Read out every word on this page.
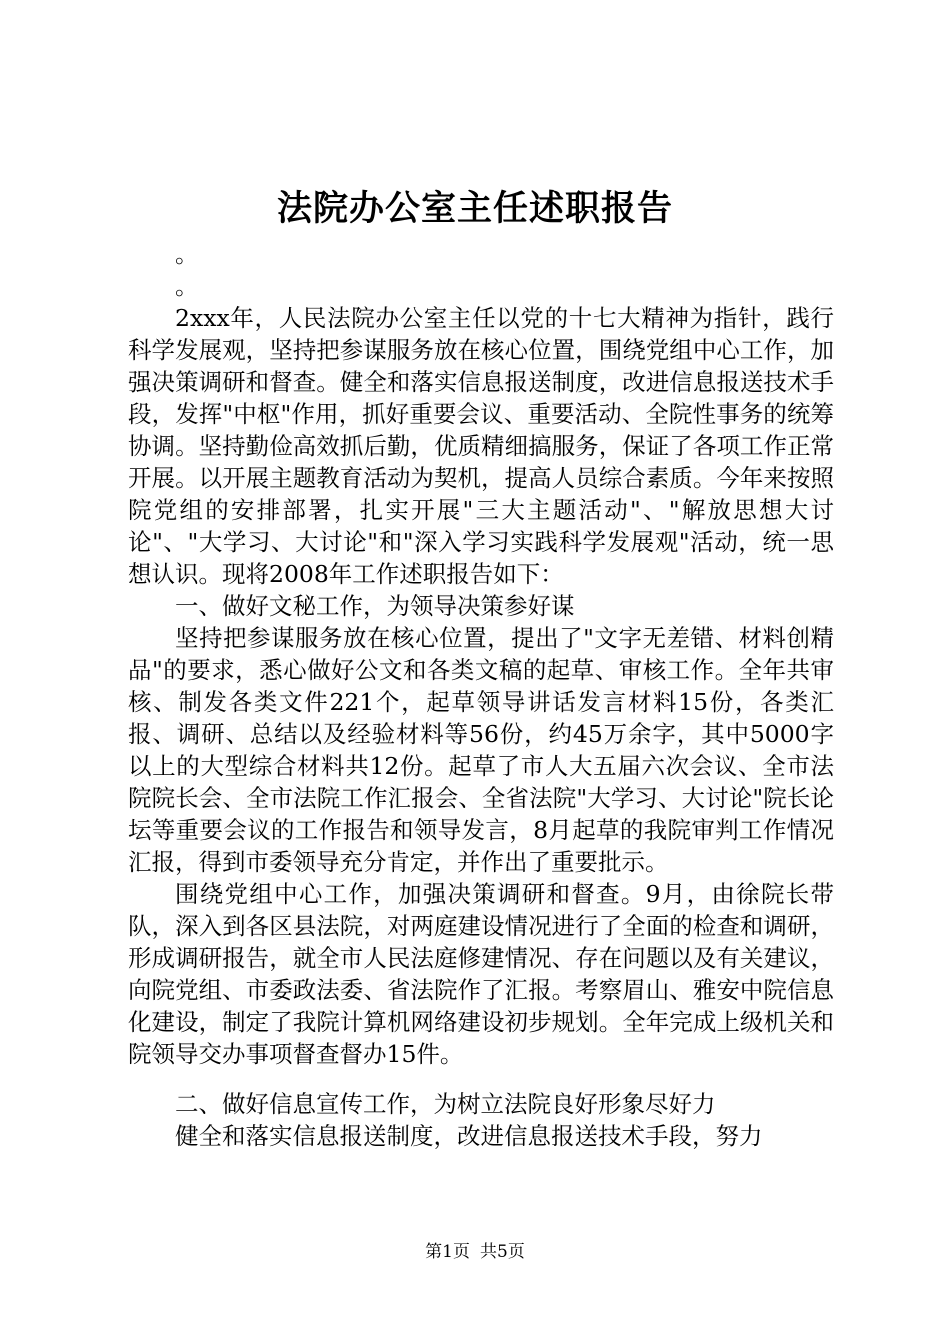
法院办公室主任述职报告

。

。

2xxx年，人民法院办公室主任以党的十七大精神为指针，践行科学发展观，坚持把参谋服务放在核心位置，围绕党组中心工作，加强决策调研和督查。健全和落实信息报送制度，改进信息报送技术手段，发挥"中枢"作用，抓好重要会议、重要活动、全院性事务的统筹协调。坚持勤俭高效抓后勤，优质精细搞服务，保证了各项工作正常开展。以开展主题教育活动为契机，提高人员综合素质。今年来按照院党组的安排部署，扎实开展"三大主题活动"、"解放思想大讨论"、"大学习、大讨论"和"深入学习实践科学发展观"活动，统一思想认识。现将2008年工作述职报告如下：

一、做好文秘工作，为领导决策参好谋

坚持把参谋服务放在核心位置，提出了"文字无差错、材料创精品"的要求，悉心做好公文和各类文稿的起草、审核工作。全年共审核、制发各类文件221个，起草领导讲话发言材料15份，各类汇报、调研、总结以及经验材料等56份，约45万余字，其中5000字以上的大型综合材料共12份。起草了市人大五届六次会议、全市法院院长会、全市法院工作汇报会、全省法院"大学习、大讨论"院长论坛等重要会议的工作报告和领导发言，8月起草的我院审判工作情况汇报，得到市委领导充分肯定，并作出了重要批示。

围绕党组中心工作，加强决策调研和督查。9月，由徐院长带队，深入到各区县法院，对两庭建设情况进行了全面的检查和调研，形成调研报告，就全市人民法庭修建情况、存在问题以及有关建议，向院党组、市委政法委、省法院作了汇报。考察眉山、雅安中院信息化建设，制定了我院计算机网络建设初步规划。全年完成上级机关和院领导交办事项督查督办15件。

二、做好信息宣传工作，为树立法院良好形象尽好力

健全和落实信息报送制度，改进信息报送技术手段，努力

第1页 共5页
